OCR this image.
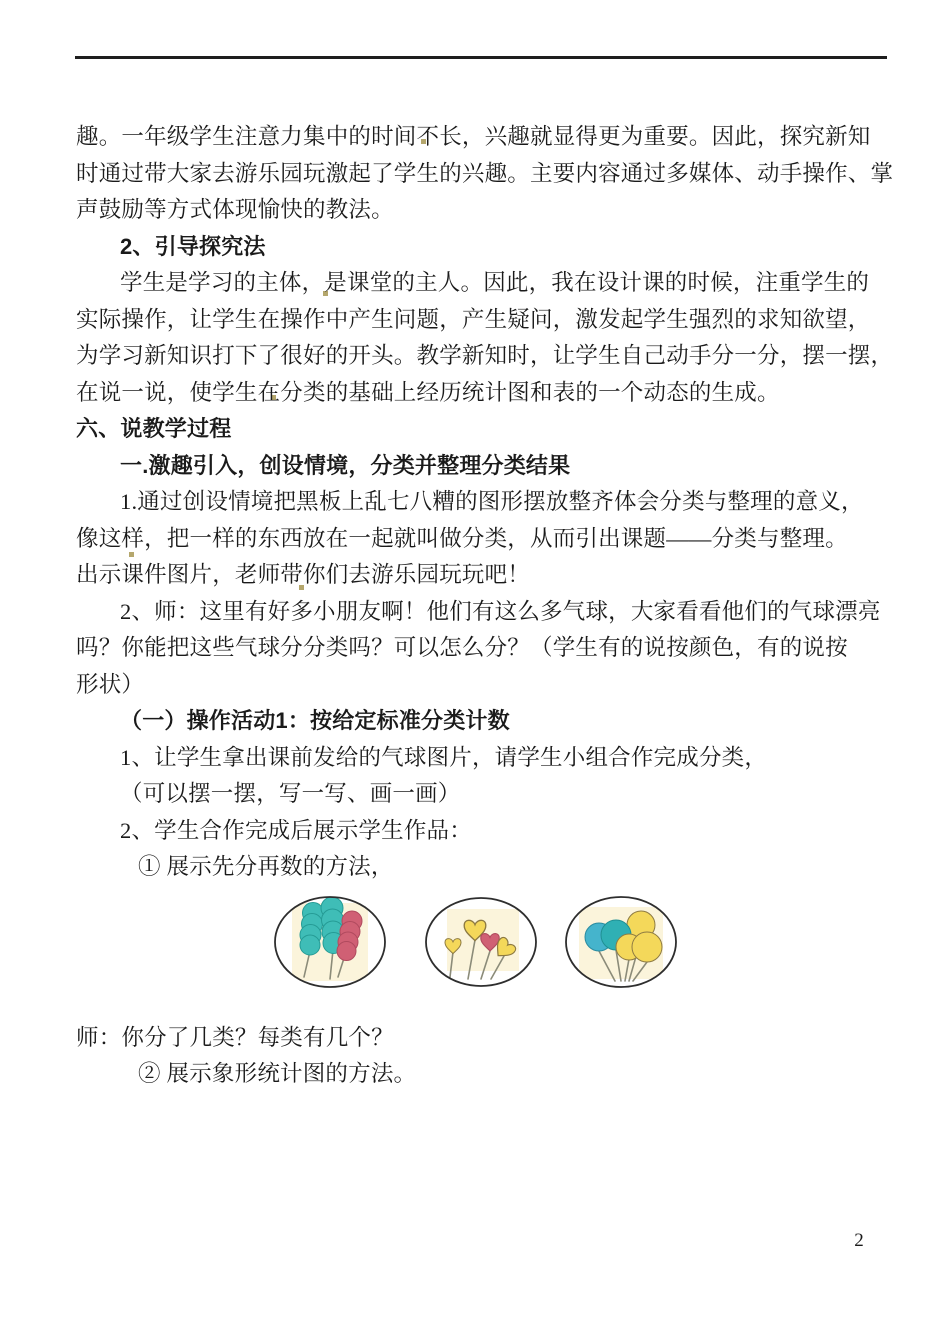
趣。一年级学生注意力集中的时间不长，兴趣就显得更为重要。因此，探究新知
时通过带大家去游乐园玩激起了学生的兴趣。主要内容通过多媒体、动手操作、掌
声鼓励等方式体现愉快的教法。
2、引导探究法
学生是学习的主体，是课堂的主人。因此，我在设计课的时候，注重学生的
实际操作，让学生在操作中产生问题，产生疑问，激发起学生强烈的求知欲望，
为学习新知识打下了很好的开头。教学新知时，让学生自己动手分一分，摆一摆，
在说一说，使学生在分类的基础上经历统计图和表的一个动态的生成。
六、说教学过程
一.激趣引入，创设情境，分类并整理分类结果
1.通过创设情境把黑板上乱七八糟的图形摆放整齐体会分类与整理的意义，
像这样，把一样的东西放在一起就叫做分类，从而引出课题——分类与整理。
出示课件图片，老师带你们去游乐园玩玩吧！
2、师：这里有好多小朋友啊！他们有这么多气球，大家看看他们的气球漂亮
吗？你能把这些气球分分类吗？可以怎么分？（学生有的说按颜色，有的说按
形状）
（一）操作活动1：按给定标准分类计数
1、让学生拿出课前发给的气球图片，请学生小组合作完成分类，
（可以摆一摆，写一写、画一画）
2、学生合作完成后展示学生作品：
① 展示先分再数的方法，
师：你分了几类？每类有几个？
② 展示象形统计图的方法。
2
